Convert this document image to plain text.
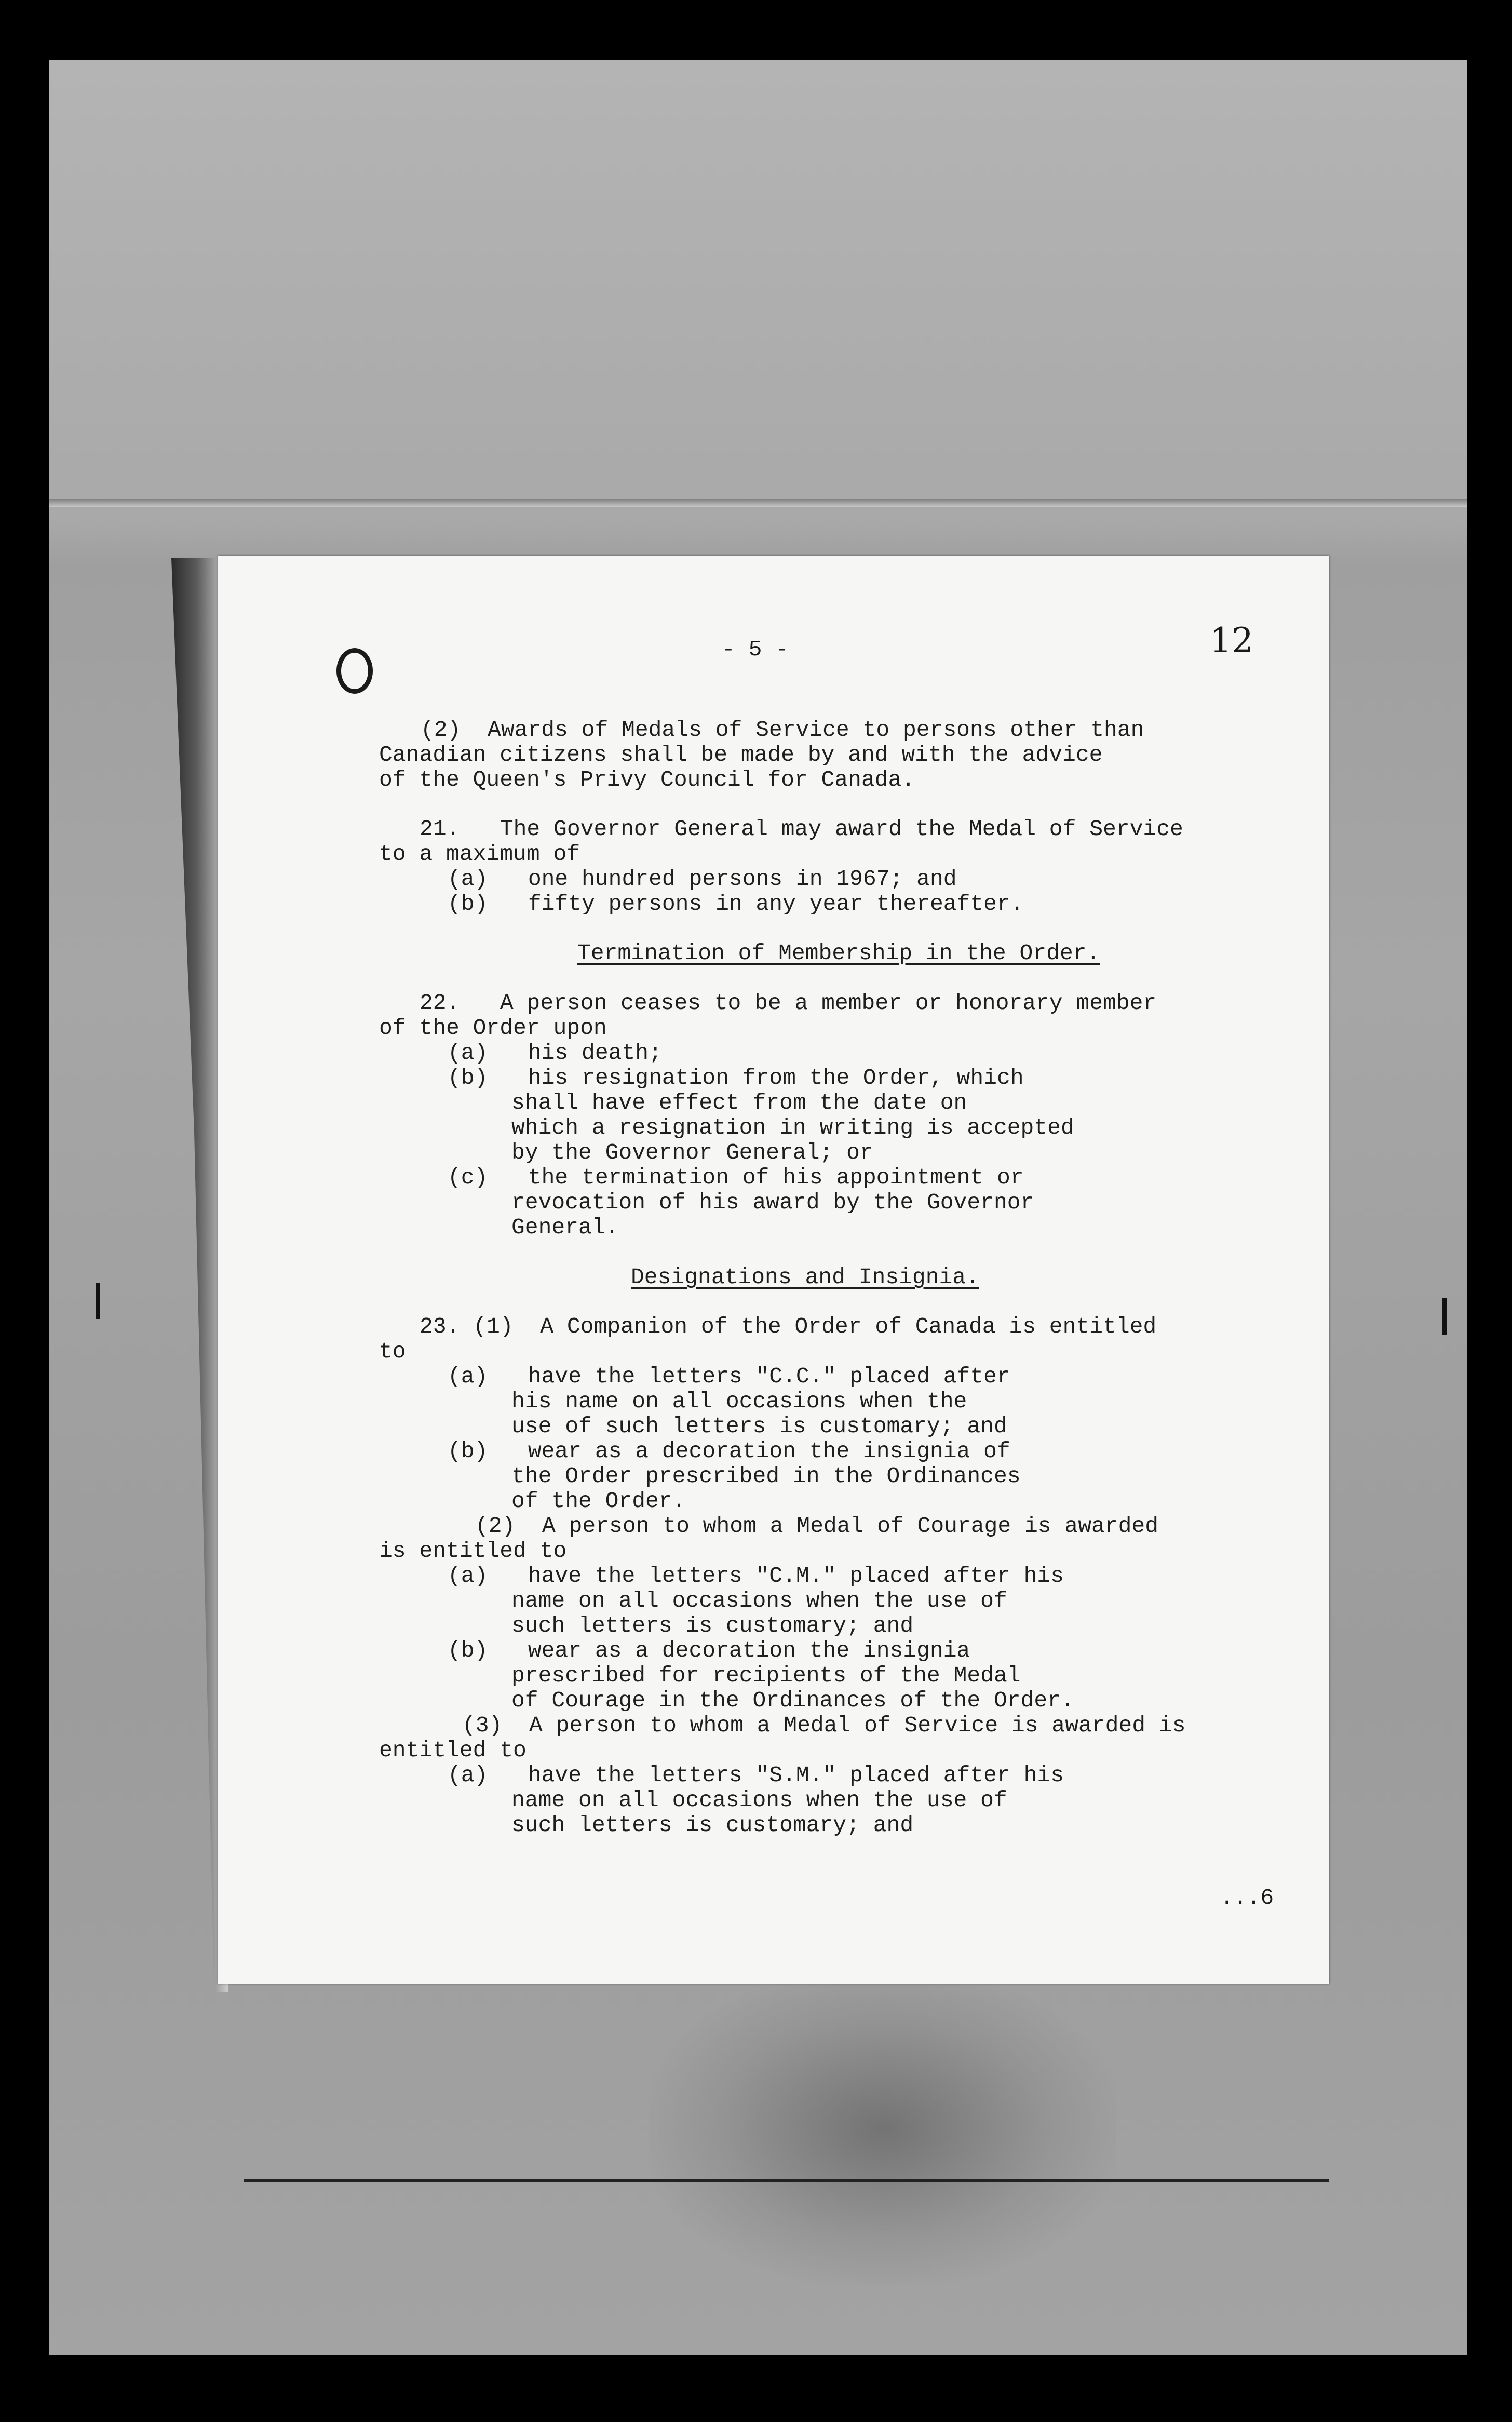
- 5 -	12
(2)  Awards of Medals of Service to persons other than
Canadian citizens shall be made by and with the advice
of the Queen's Privy Council for Canada.
21.   The Governor General may award the Medal of Service
to a maximum of
(a)   one hundred persons in 1967; and
(b)   fifty persons in any year thereafter.
Termination of Membership in the Order.
22.   A person ceases to be a member or honorary member
of the Order upon
(a)   his death;
(b)   his resignation from the Order, which
shall have effect from the date on
which a resignation in writing is accepted
by the Governor General; or
(c)   the termination of his appointment or
revocation of his award by the Governor
General.
Designations and Insignia.
23. (1)  A Companion of the Order of Canada is entitled
to
(a)   have the letters "C.C." placed after
his name on all occasions when the
use of such letters is customary; and
(b)   wear as a decoration the insignia of
the Order prescribed in the Ordinances
of the Order.
(2)  A person to whom a Medal of Courage is awarded
is entitled to
(a)   have the letters "C.M." placed after his
name on all occasions when the use of
such letters is customary; and
(b)   wear as a decoration the insignia
prescribed for recipients of the Medal
of Courage in the Ordinances of the Order.
(3)  A person to whom a Medal of Service is awarded is
entitled to
(a)   have the letters "S.M." placed after his
name on all occasions when the use of
such letters is customary; and
...6
